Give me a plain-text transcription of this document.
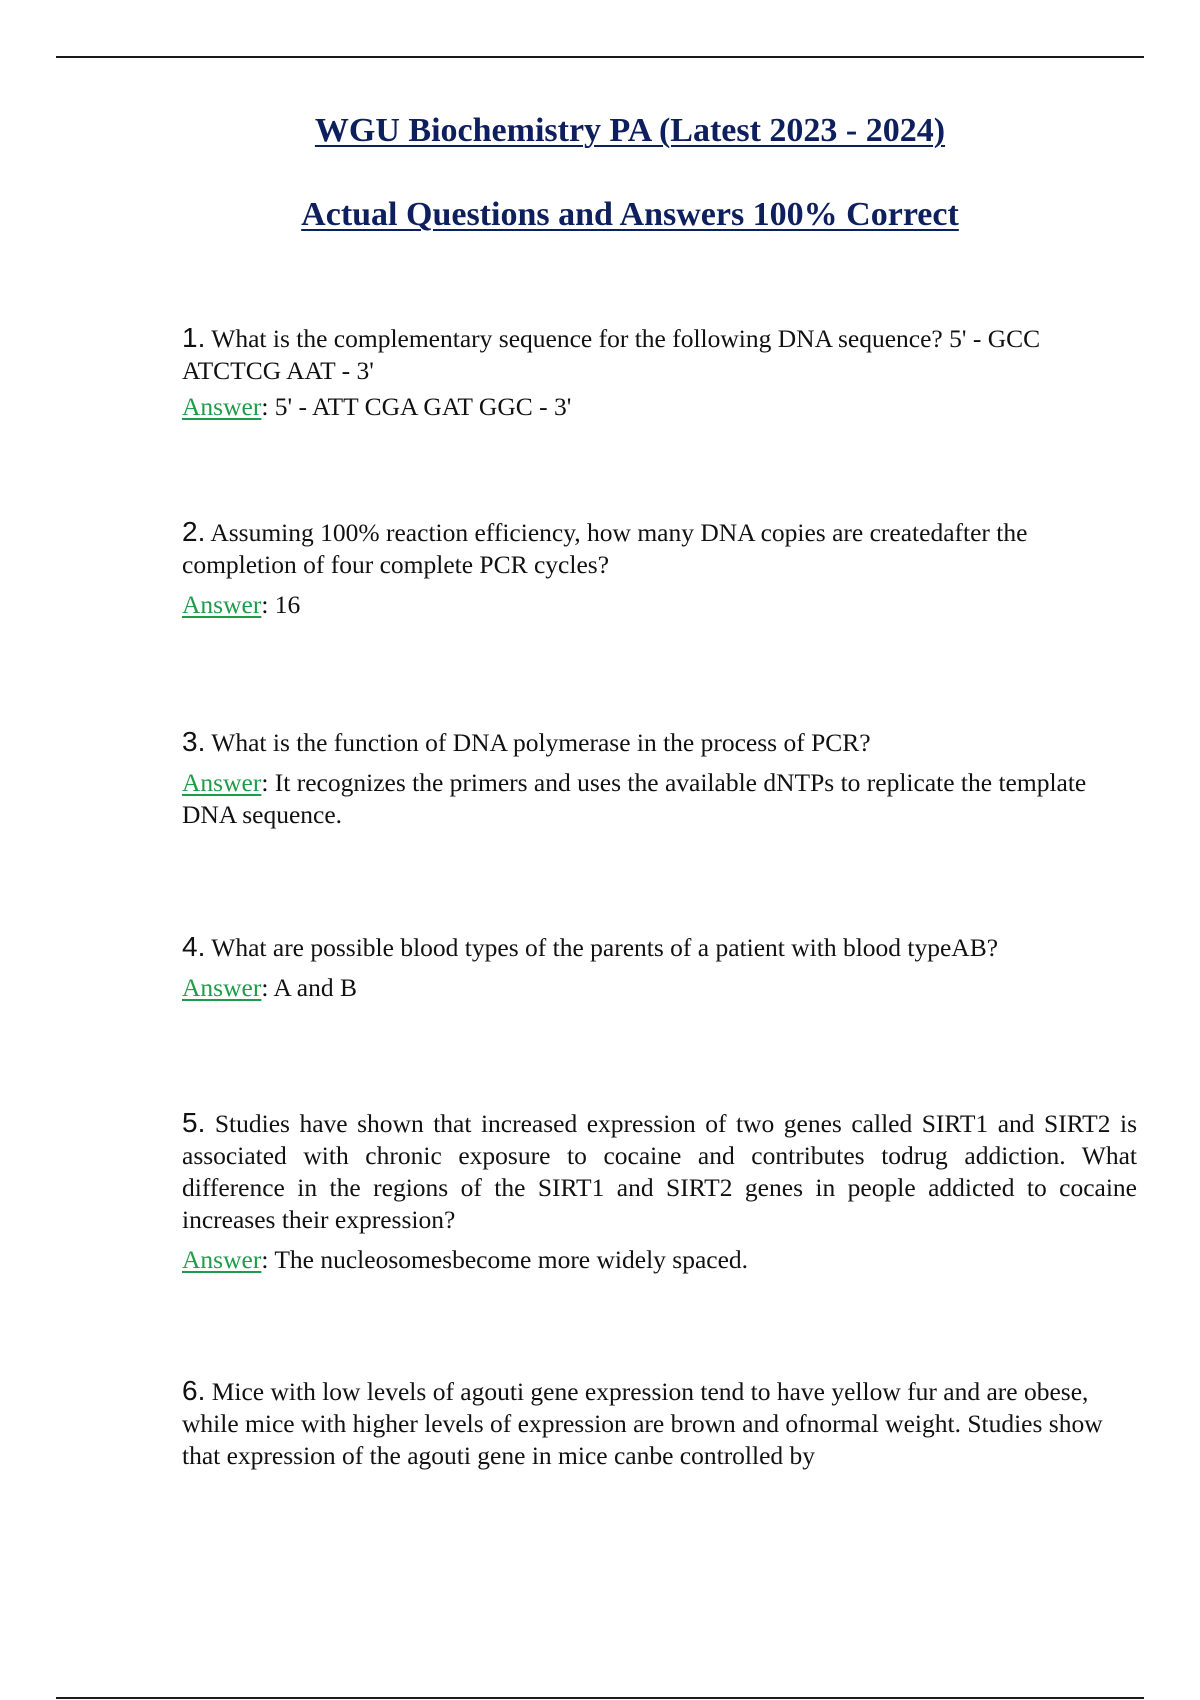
WGU Biochemistry PA (Latest 2023 - 2024)
Actual Questions and Answers 100% Correct

1. What is the complementary sequence for the following DNA sequence? 5' - GCC ATCTCG AAT - 3'

Answer: 5' - ATT CGA GAT GGC - 3'

2. Assuming 100% reaction efficiency, how many DNA copies are createdafter the completion of four complete PCR cycles?

Answer: 16

3. What is the function of DNA polymerase in the process of PCR?

Answer: It recognizes the primers and uses the available dNTPs to replicate the template DNA sequence.

4. What are possible blood types of the parents of a patient with blood typeAB?

Answer: A and B

5. Studies have shown that increased expression of two genes called SIRT1 and SIRT2 is associated with chronic exposure to cocaine and contributes todrug addiction. What difference in the regions of the SIRT1 and SIRT2 genes in people addicted to cocaine increases their expression?

Answer: The nucleosomesbecome more widely spaced.

6. Mice with low levels of agouti gene expression tend to have yellow fur and are obese, while mice with higher levels of expression are brown and ofnormal weight. Studies show that expression of the agouti gene in mice canbe controlled by
